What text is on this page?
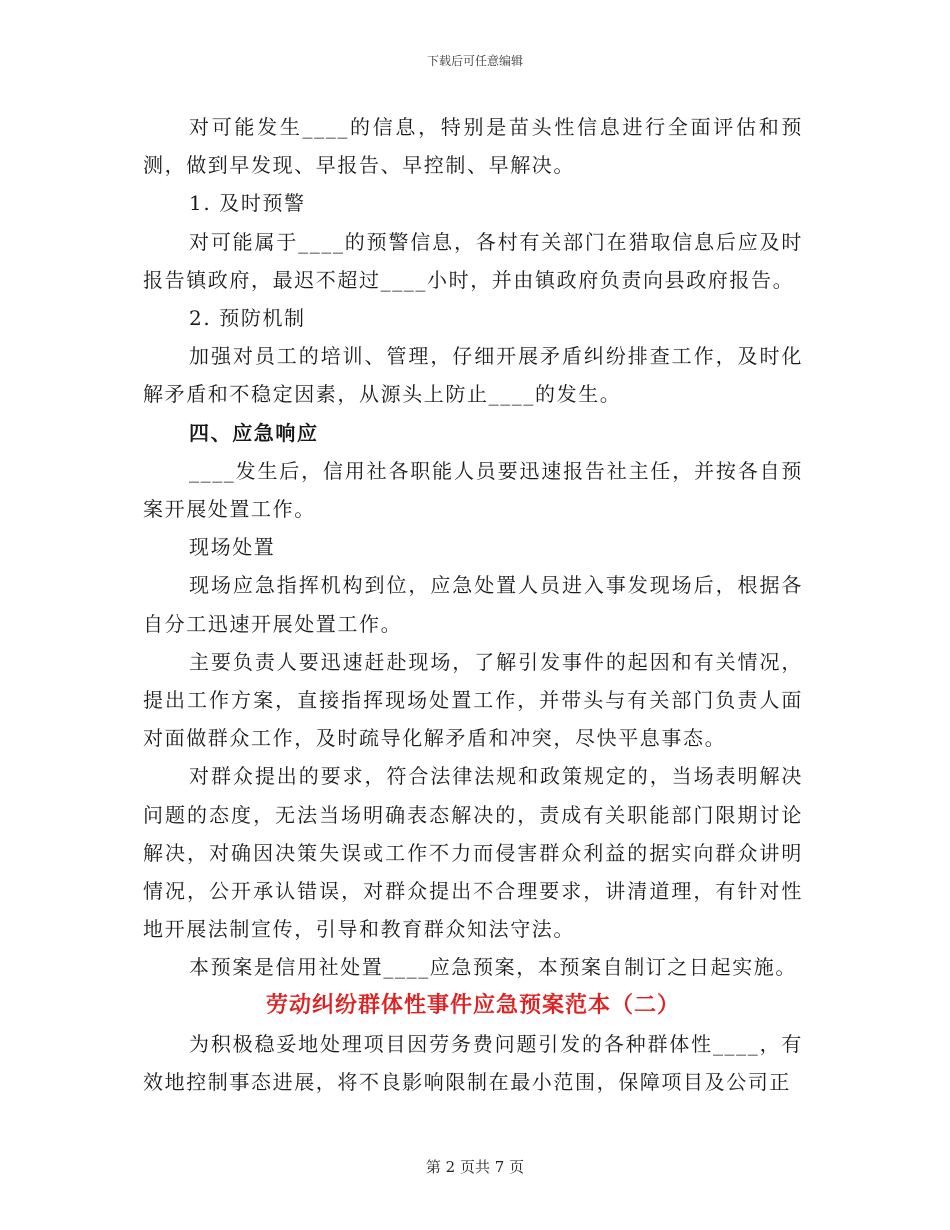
下载后可任意编辑

对可能发生____的信息，特别是苗头性信息进行全面评估和预测，做到早发现、早报告、早控制、早解决。

1. 及时预警

对可能属于____的预警信息，各村有关部门在猎取信息后应及时报告镇政府，最迟不超过____小时，并由镇政府负责向县政府报告。

2. 预防机制

加强对员工的培训、管理，仔细开展矛盾纠纷排查工作，及时化解矛盾和不稳定因素，从源头上防止____的发生。

四、应急响应

____发生后，信用社各职能人员要迅速报告社主任，并按各自预案开展处置工作。

现场处置

现场应急指挥机构到位，应急处置人员进入事发现场后，根据各自分工迅速开展处置工作。

主要负责人要迅速赶赴现场，了解引发事件的起因和有关情况，提出工作方案，直接指挥现场处置工作，并带头与有关部门负责人面对面做群众工作，及时疏导化解矛盾和冲突，尽快平息事态。

对群众提出的要求，符合法律法规和政策规定的，当场表明解决问题的态度，无法当场明确表态解决的，责成有关职能部门限期讨论解决，对确因决策失误或工作不力而侵害群众利益的据实向群众讲明情况，公开承认错误，对群众提出不合理要求，讲清道理，有针对性地开展法制宣传，引导和教育群众知法守法。

本预案是信用社处置____应急预案，本预案自制订之日起实施。

劳动纠纷群体性事件应急预案范本（二）

为积极稳妥地处理项目因劳务费问题引发的各种群体性____，有效地控制事态进展，将不良影响限制在最小范围，保障项目及公司正

第 2 页共 7 页
